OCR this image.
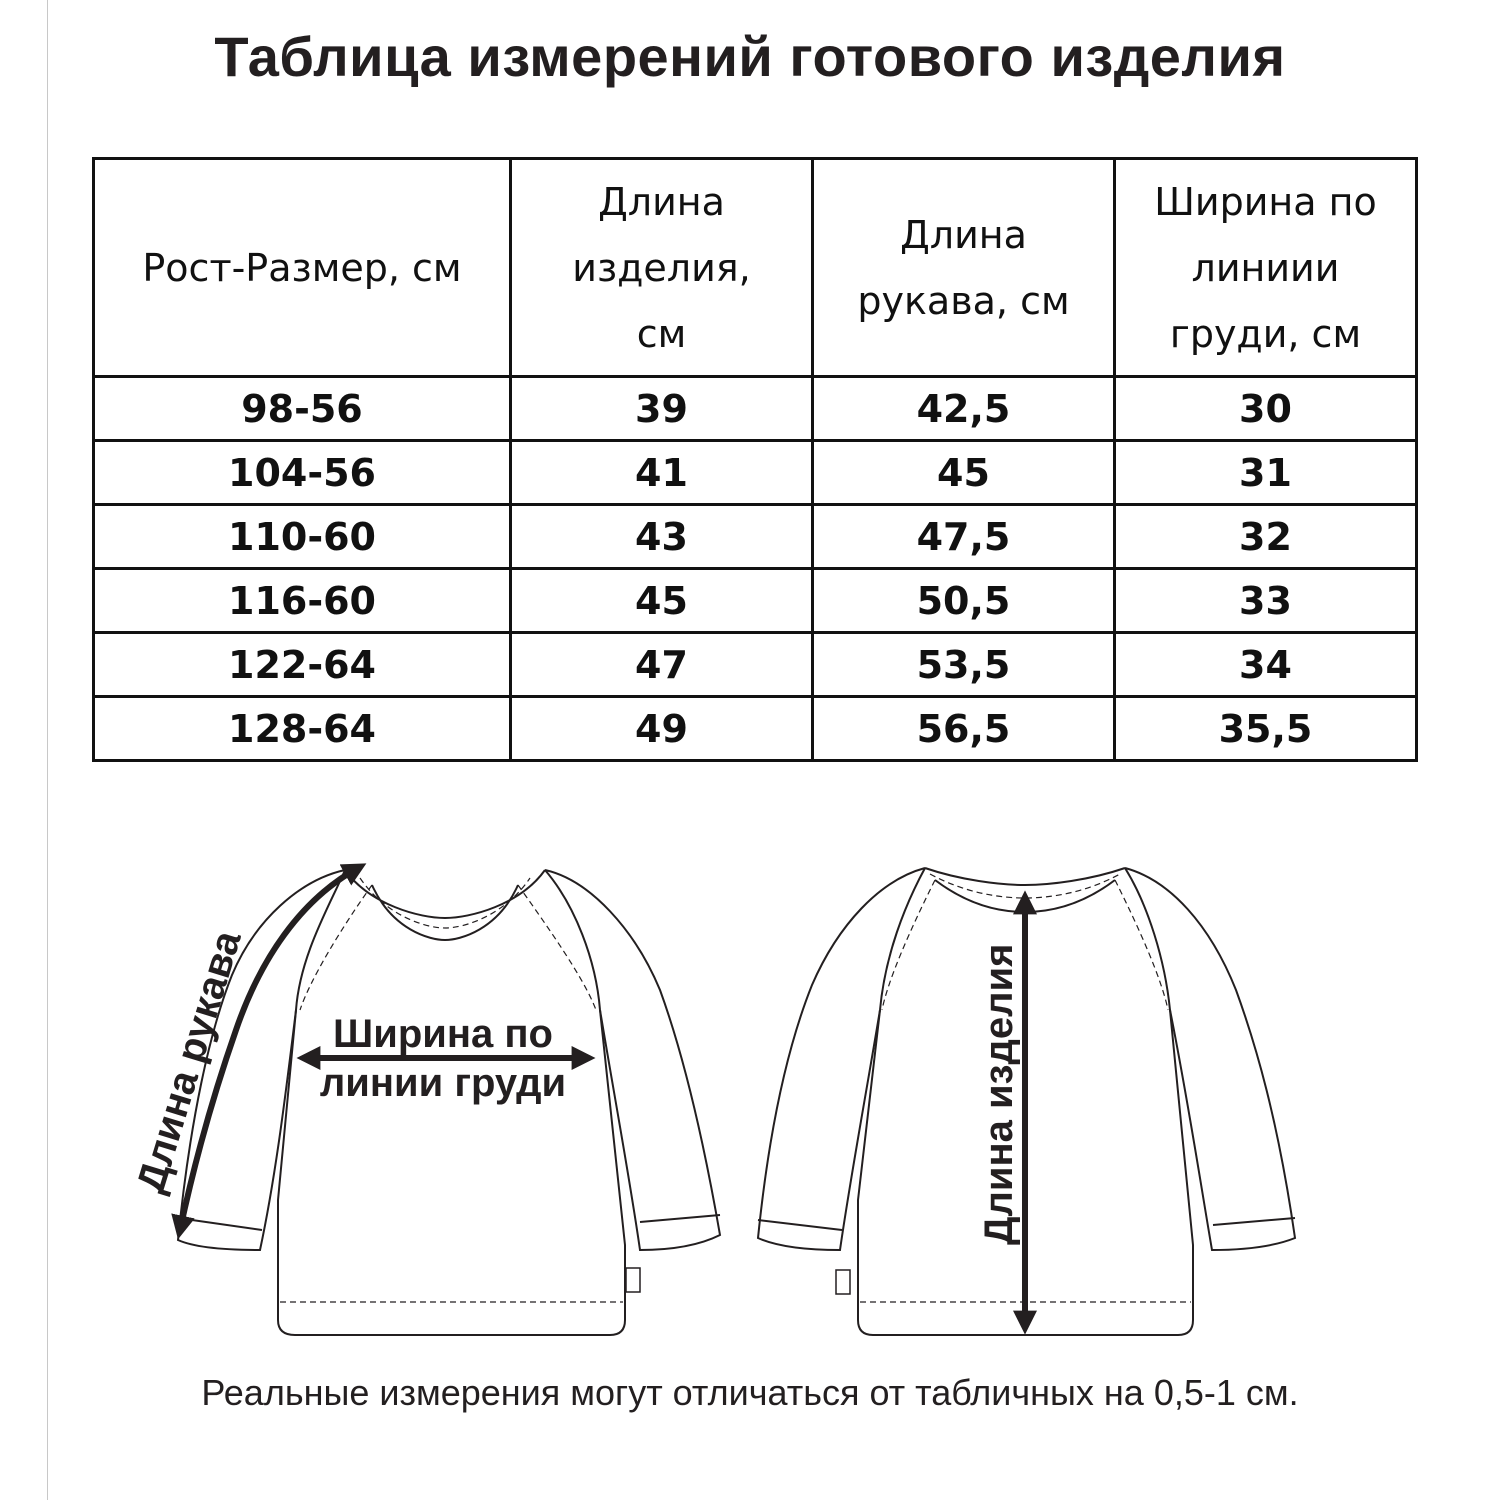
Таблица измерений готового изделия
Рост-Размер, см	Длина изделия, см	Длина рукава, см	Ширина по линиии груди, см
98-56	39	42,5	30
104-56	41	45	31
110-60	43	47,5	32
116-60	45	50,5	33
122-64	47	53,5	34
128-64	49	56,5	35,5
Длина рукава Ширина по
линии груди	Длина изделия
Реальные измерения могут отличаться от табличных на 0,5-1 см.
